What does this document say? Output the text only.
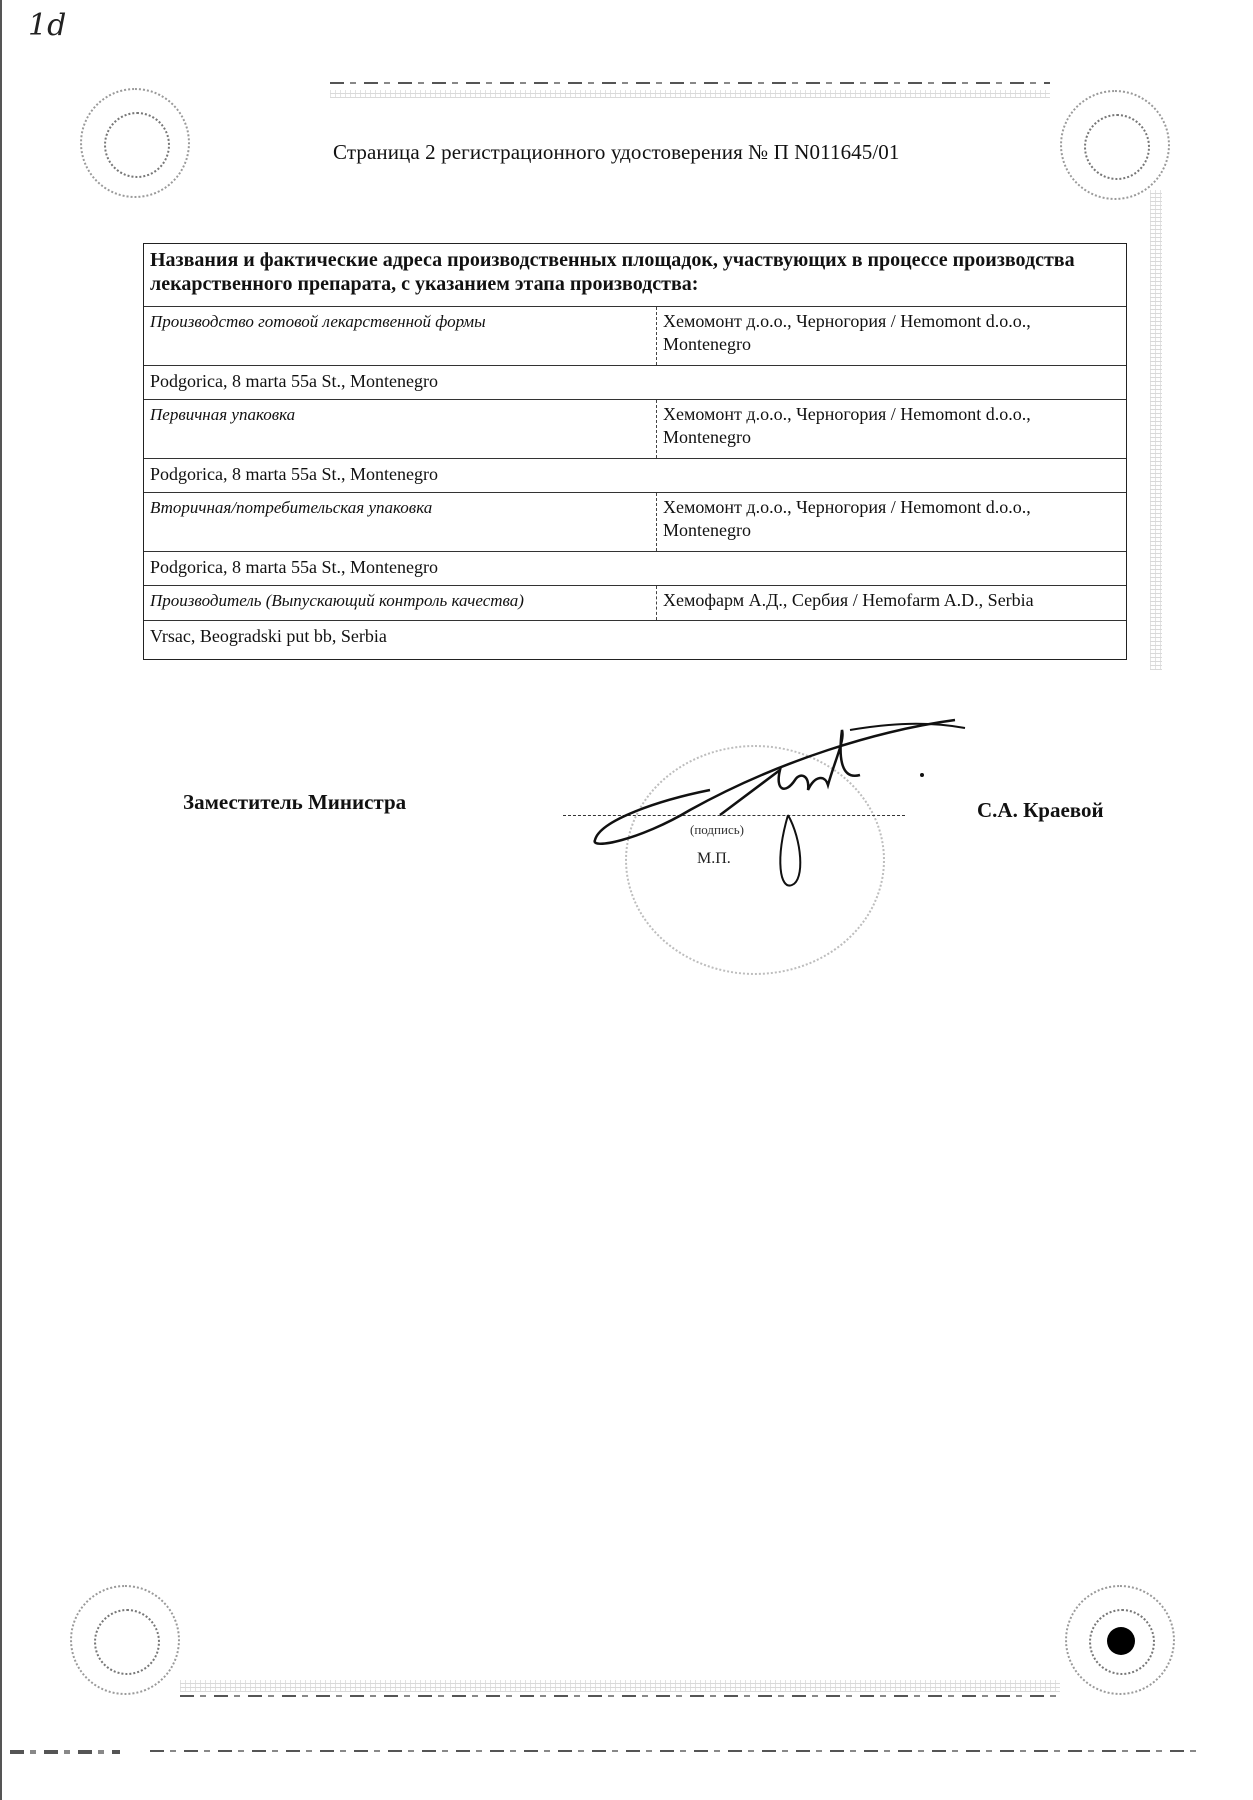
1d
Страница 2 регистрационного удостоверения № П N011645/01
Названия и фактические адреса производственных площадок, участвующих в процессе производства лекарственного препарата, с указанием этапа производства:
Производство готовой лекарственной формы	Хемомонт д.о.о., Черногория / Hemomont d.o.o., Montenegro
Podgorica, 8 marta 55a St., Montenegro
Первичная упаковка	Хемомонт д.о.о., Черногория / Hemomont d.o.o., Montenegro
Podgorica, 8 marta 55a St., Montenegro
Вторичная/потребительская упаковка	Хемомонт д.о.о., Черногория / Hemomont d.o.o., Montenegro
Podgorica, 8 marta 55a St., Montenegro
Производитель (Выпускающий контроль качества)	Хемофарм А.Д., Сербия / Hemofarm A.D., Serbia
Vrsac, Beogradski put bb, Serbia
Заместитель Министра
(подпись)
М.П.
С.А. Краевой
